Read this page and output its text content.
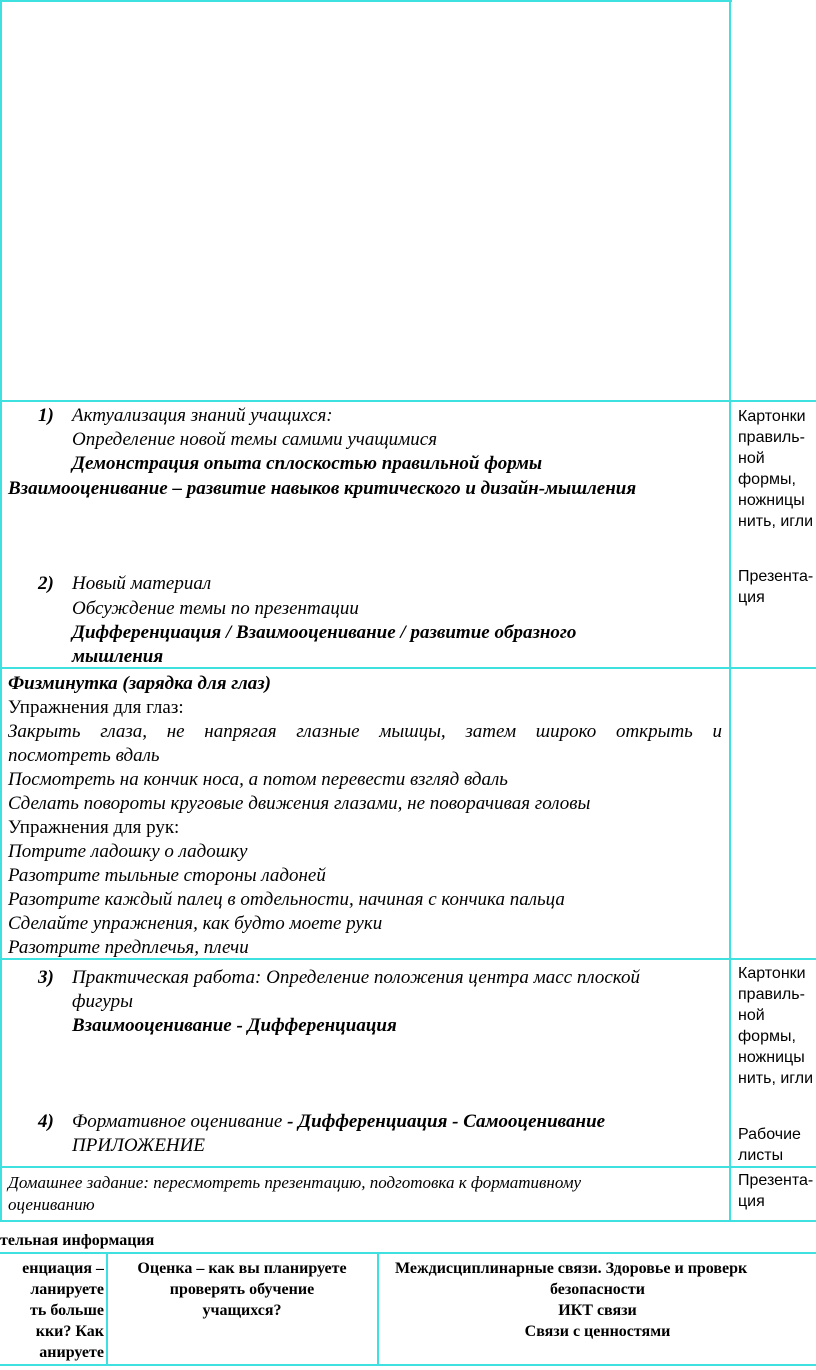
1) Актуализация знаний учащихся:
Определение новой темы самими учащимися
Демонстрация опыта сплоскостью правильной формы
Взаимооценивание – развитие навыков критического и дизайн-мышления
2) Новый материал
Обсуждение темы по презентации
Дифференциация / Взаимооценивание / развитие образного
мышления
Картонки
правиль-
ной
формы,
ножницы
нить, игли
Презента-
ция
Физминутка (зарядка для глаз)
Упражнения для глаз:
Закрыть глаза, не напрягая глазные мышцы, затем широко открыть и
посмотреть вдаль
Посмотреть на кончик носа, а потом перевести взгляд вдаль
Сделать повороты круговые движения глазами, не поворачивая головы
Упражнения для рук:
Потрите ладошку о ладошку
Разотрите тыльные стороны ладоней
Разотрите каждый палец в отдельности, начиная с кончика пальца
Сделайте упражнения, как будто моете руки
Разотрите предплечья, плечи
3) Практическая работа: Определение положения центра масс плоской
фигуры
Взаимооценивание - Дифференциация
4) Формативное оценивание - Дифференциация - Самооценивание
ПРИЛОЖЕНИЕ
Картонки
правиль-
ной
формы,
ножницы
нить, игли
Рабочие
листы
Домашнее задание: пересмотреть презентацию, подготовка к формативному
оцениванию
Презента-
ция
тельная информация
енциация –
ланируете
ть больше
кки? Как
анируете
Оценка – как вы планируете
проверять обучение
учащихся?
Междисциплинарные связи. Здоровье и проверк
безопасности
ИКТ связи
Связи с ценностями
